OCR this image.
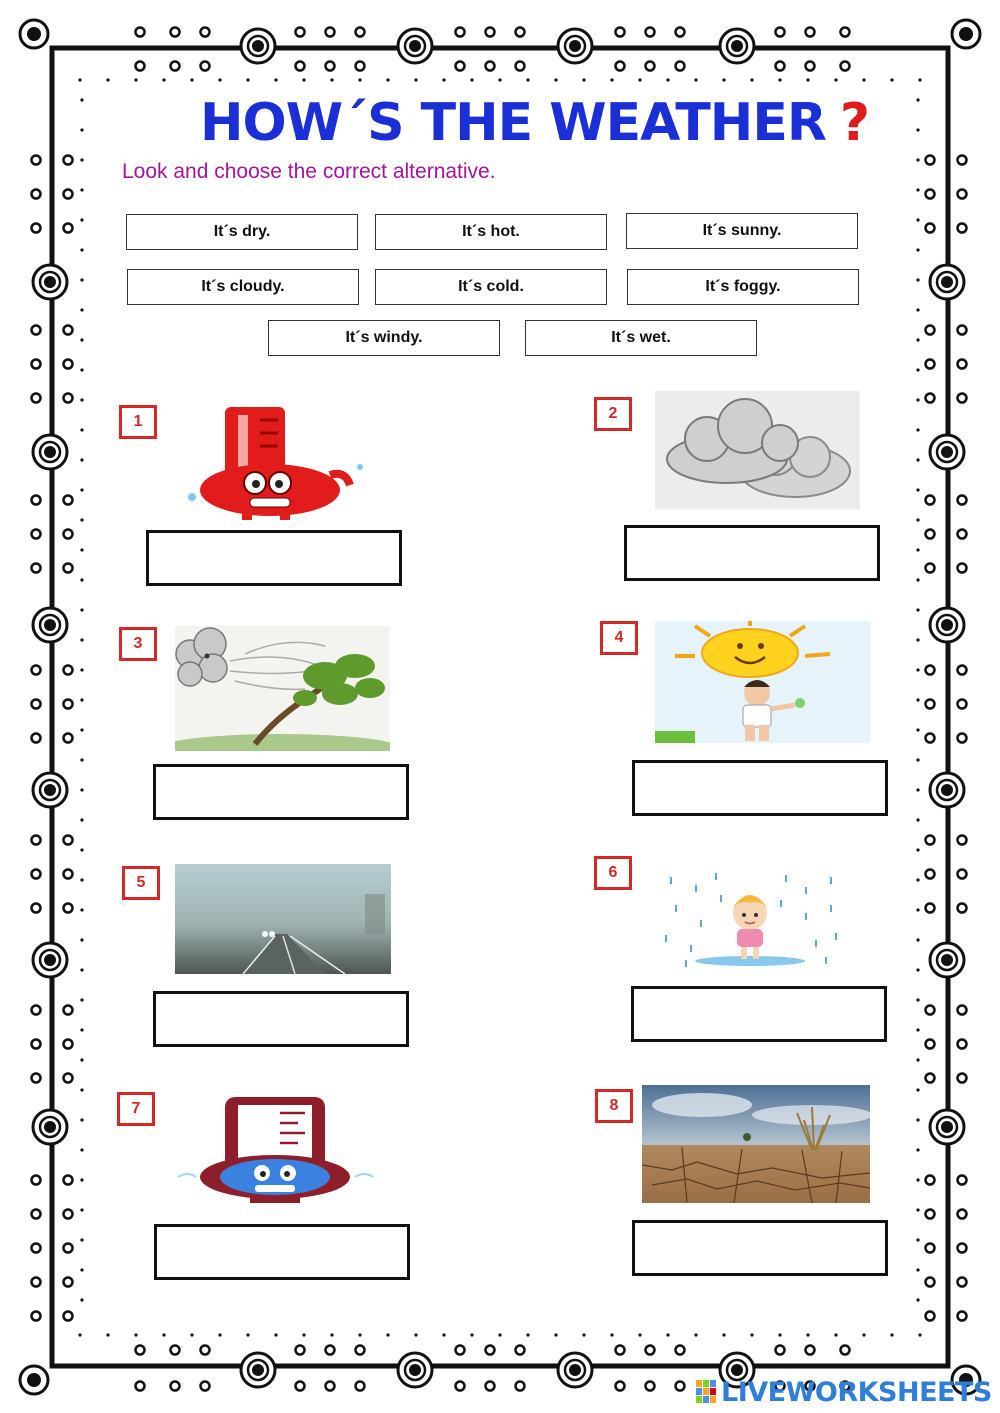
HOW´S THE WEATHER ?
Look and choose the correct alternative.
It´s dry.	It´s hot.	It´s sunny.
It´s cloudy.	It´s cold.	It´s foggy.
It´s windy.	It´s wet.
1	2
3	4
5
6
7	8
LIVEWORKSHEETS
